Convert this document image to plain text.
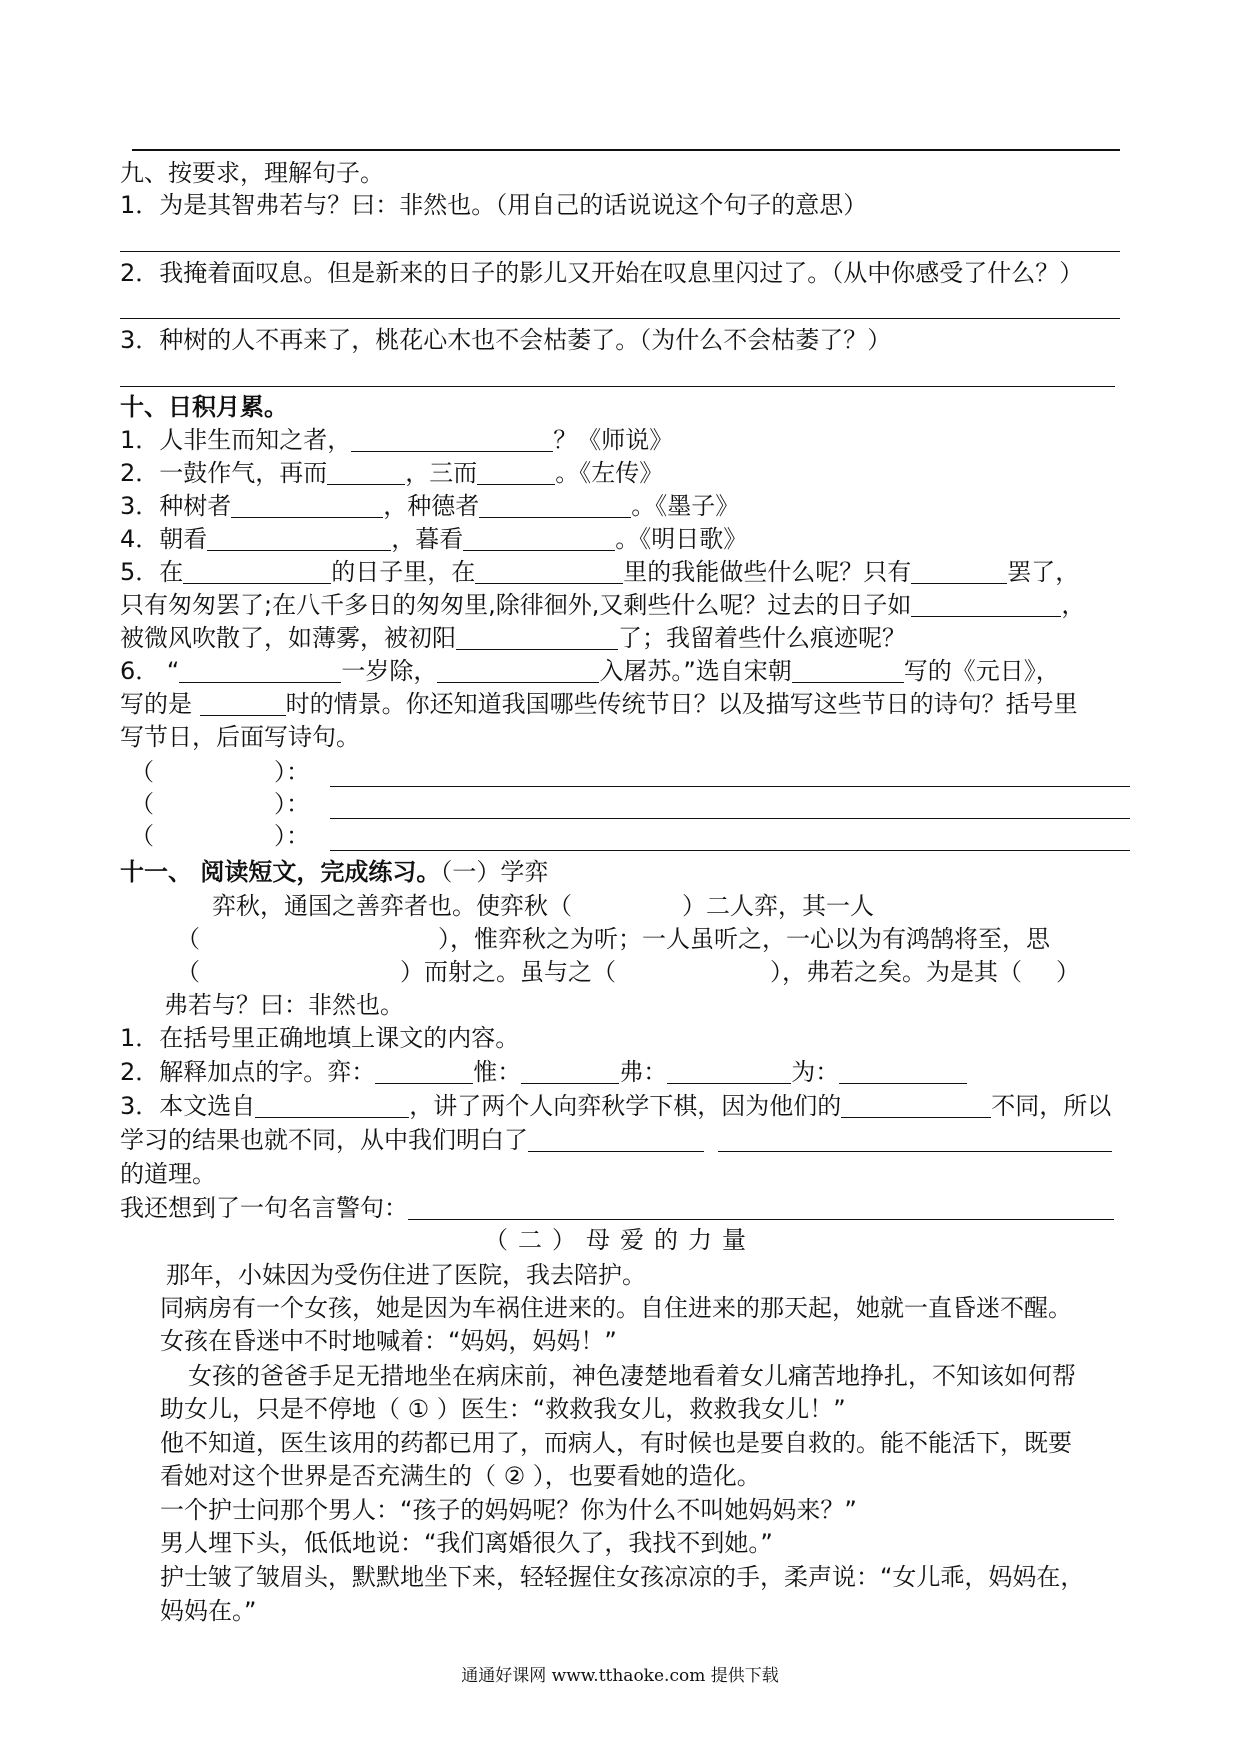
九、按要求，理解句子。
1．为是其智弗若与？曰：非然也。（用自己的话说说这个句子的意思）
2．我掩着面叹息。但是新来的日子的影儿又开始在叹息里闪过了。（从中你感受了什么？）
3．种树的人不再来了，桃花心木也不会枯萎了。（为什么不会枯萎了？）
十、日积月累。
1．人非生而知之者，	？《师说》
2．一鼓作气，再而	，三而	。《左传》
3．种树者	，种德者	。《墨子》
4．朝看	，暮看	。《明日歌》
5．在	的日子里，在	里的我能做些什么呢？只有	罢了，
只有匆匆罢了;在八千多日的匆匆里,除徘徊外,又剩些什么呢？过去的日子如	，
被微风吹散了，如薄雾，被初阳	了；我留着些什么痕迹呢？
6． “	一岁除，	入屠苏。”选自宋朝	写的《元日》，
写的是	时的情景。你还知道我国哪些传统节日？以及描写这些节日的诗句？括号里
写节日，后面写诗句。
（	）：
（	）：
（	）：
十一、 阅读短文，完成练习。（一）学弈
弈秋，通国之善弈者也。使弈秋（	）二人弈，其一人
（	），惟弈秋之为听；一人虽听之，一心以为有鸿鹄将至，思
（	）而射之。虽与之（	），弗若之矣。为是其（ ）
弗若与？曰：非然也。
1．在括号里正确地填上课文的内容。
2．解释加点的字。弈：	惟：	弗：	为：
3．本文选自	，讲了两个人向弈秋学下棋，因为他们的	不同，所以
学习的结果也就不同，从中我们明白了
的道理。
我还想到了一句名言警句：
（二）母爱的力量
那年，小妹因为受伤住进了医院，我去陪护。
同病房有一个女孩，她是因为车祸住进来的。自住进来的那天起，她就一直昏迷不醒。
女孩在昏迷中不时地喊着：“妈妈，妈妈！”
女孩的爸爸手足无措地坐在病床前，神色凄楚地看着女儿痛苦地挣扎，不知该如何帮
助女儿，只是不停地（ ① ）医生：“救救我女儿，救救我女儿！”
他不知道，医生该用的药都已用了，而病人，有时候也是要自救的。能不能活下，既要
看她对这个世界是否充满生的（ ② ），也要看她的造化。
一个护士问那个男人：“孩子的妈妈呢？你为什么不叫她妈妈来？”
男人埋下头，低低地说：“我们离婚很久了，我找不到她。”
护士皱了皱眉头，默默地坐下来，轻轻握住女孩凉凉的手，柔声说：“女儿乖，妈妈在，
妈妈在。”
通通好课网 www.tthaoke.com 提供下载
